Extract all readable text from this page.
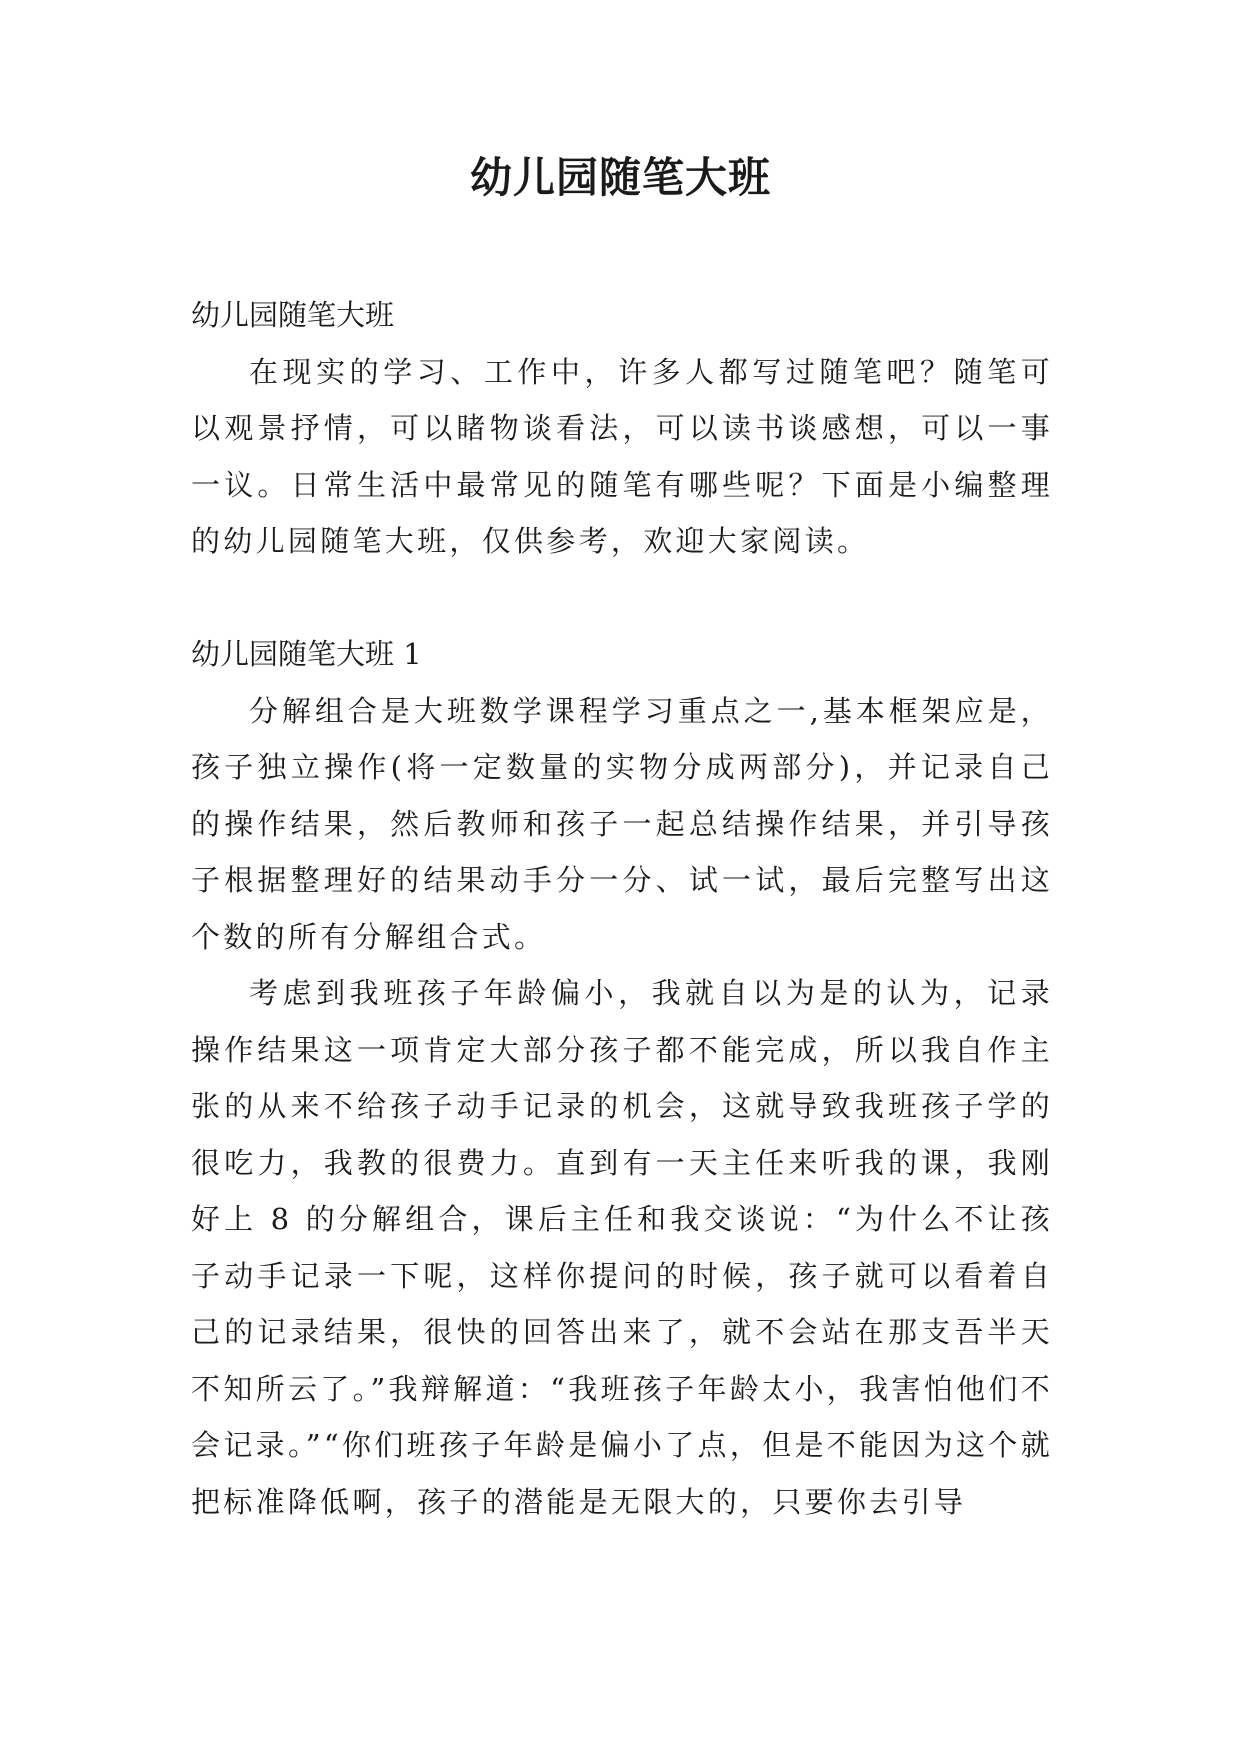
幼儿园随笔大班

幼儿园随笔大班

在现实的学习、工作中，许多人都写过随笔吧？随笔可以观景抒情，可以睹物谈看法，可以读书谈感想，可以一事一议。日常生活中最常见的随笔有哪些呢？下面是小编整理的幼儿园随笔大班，仅供参考，欢迎大家阅读。

幼儿园随笔大班 1

分解组合是大班数学课程学习重点之一,基本框架应是，孩子独立操作(将一定数量的实物分成两部分)，并记录自己的操作结果，然后教师和孩子一起总结操作结果，并引导孩子根据整理好的结果动手分一分、试一试，最后完整写出这个数的所有分解组合式。

考虑到我班孩子年龄偏小，我就自以为是的认为，记录操作结果这一项肯定大部分孩子都不能完成，所以我自作主张的从来不给孩子动手记录的机会，这就导致我班孩子学的很吃力，我教的很费力。直到有一天主任来听我的课，我刚好上 8 的分解组合，课后主任和我交谈说：“为什么不让孩子动手记录一下呢，这样你提问的时候，孩子就可以看着自己的记录结果，很快的回答出来了，就不会站在那支吾半天不知所云了。”我辩解道：“我班孩子年龄太小，我害怕他们不会记录。”“你们班孩子年龄是偏小了点，但是不能因为这个就把标准降低啊，孩子的潜能是无限大的，只要你去引导
